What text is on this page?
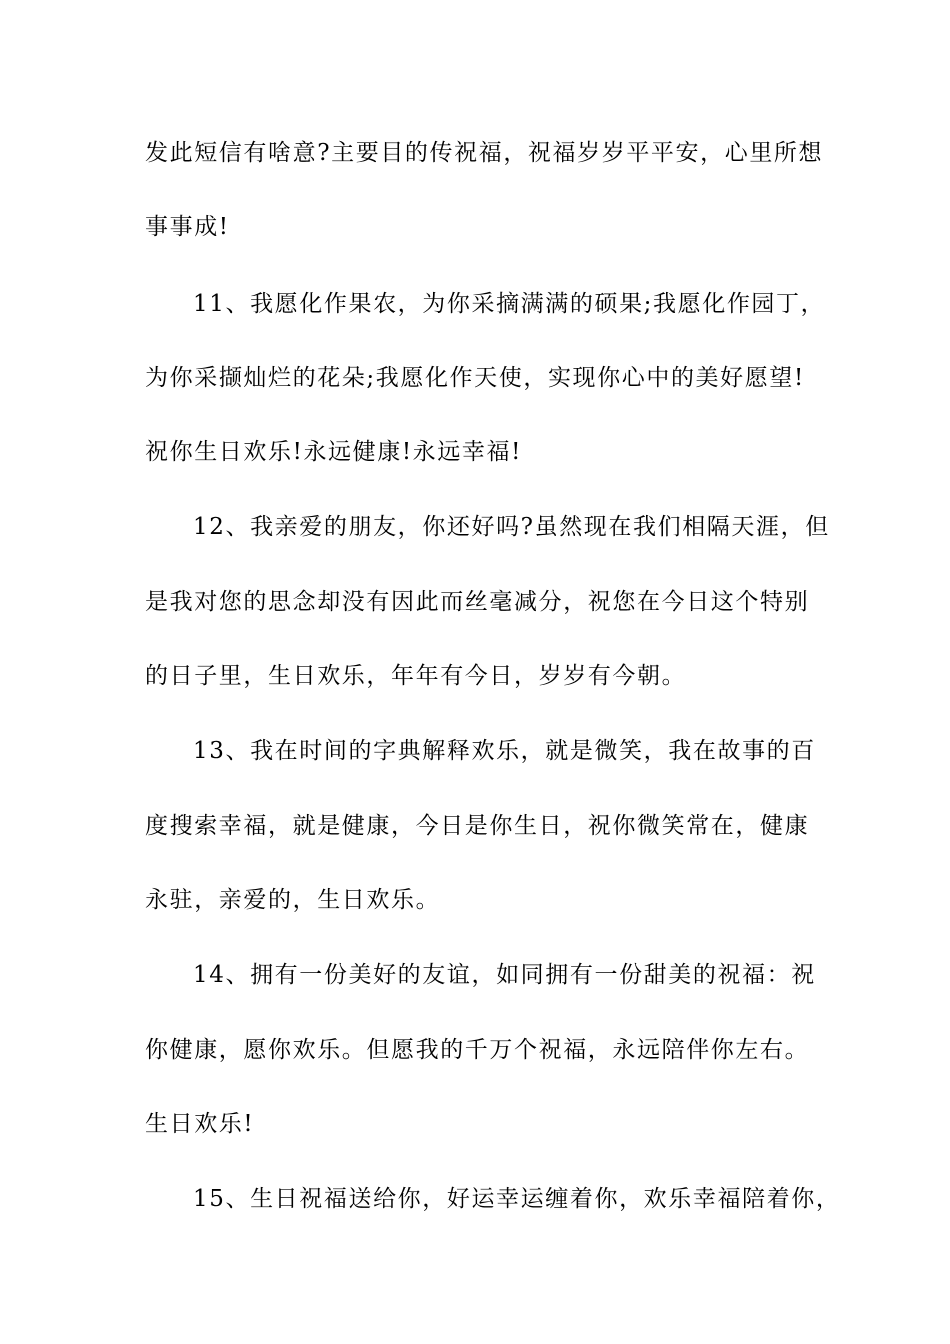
发此短信有啥意?主要目的传祝福，祝福岁岁平平安，心里所想
事事成!
11、我愿化作果农，为你采摘满满的硕果;我愿化作园丁，
为你采撷灿烂的花朵;我愿化作天使，实现你心中的美好愿望!
祝你生日欢乐!永远健康!永远幸福!
12、我亲爱的朋友，你还好吗?虽然现在我们相隔天涯，但
是我对您的思念却没有因此而丝毫减分，祝您在今日这个特别
的日子里，生日欢乐，年年有今日，岁岁有今朝。
13、我在时间的字典解释欢乐，就是微笑，我在故事的百
度搜索幸福，就是健康，今日是你生日，祝你微笑常在，健康
永驻，亲爱的，生日欢乐。
14、拥有一份美好的友谊，如同拥有一份甜美的祝福：祝
你健康，愿你欢乐。但愿我的千万个祝福，永远陪伴你左右。
生日欢乐!
15、生日祝福送给你，好运幸运缠着你，欢乐幸福陪着你，
